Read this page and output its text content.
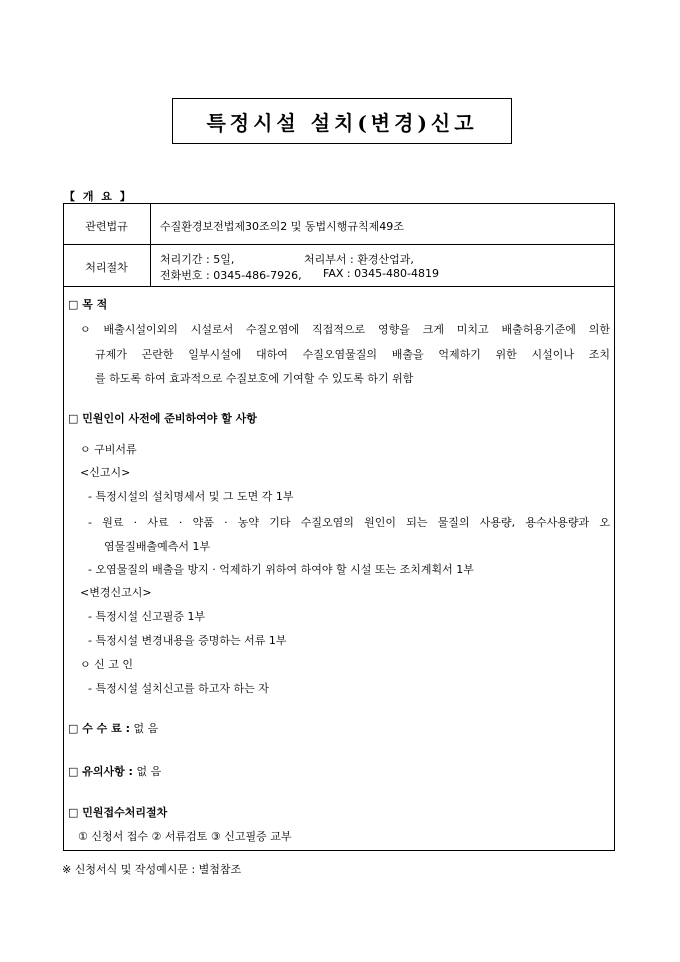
특정시설 설치(변경)신고
【 개 요 】
관련법규	수질환경보전법제30조의2 및 동법시행규칙제49조
처리절차
처리기간 : 5일,	처리부서 : 환경산업과,
전화번호 : 0345-486-7926, FAX : 0345-480-4819
□ 목 적
ㅇ 배출시설이외의 시설로서 수질오염에 직접적으로 영향을 크게 미치고 배출허용기준에 의한
규제가 곤란한 일부시설에 대하여 수질오염물질의 배출을 억제하기 위한 시설이나 조치
를 하도록 하여 효과적으로 수질보호에 기여할 수 있도록 하기 위함
□ 민원인이 사전에 준비하여야 할 사항
ㅇ 구비서류
<신고시>
- 특정시설의 설치명세서 및 그 도면 각 1부
- 원료 · 사료 · 약품 · 농약 기타 수질오염의 원인이 되는 물질의 사용량, 용수사용량과 오
염물질배출예측서 1부
- 오염물질의 배출을 방지 · 억제하기 위하여 하여야 할 시설 또는 조치계획서 1부
<변경신고시>
- 특정시설 신고필증 1부
- 특정시설 변경내용을 증명하는 서류 1부
ㅇ 신 고 인
- 특정시설 설치신고를 하고자 하는 자
□ 수 수 료 : 없 음
□ 유의사항 : 없 음
□ 민원접수처리절차
① 신청서 접수 ② 서류검토 ③ 신고필증 교부
※ 신청서식 및 작성예시문 : 별첨참조
